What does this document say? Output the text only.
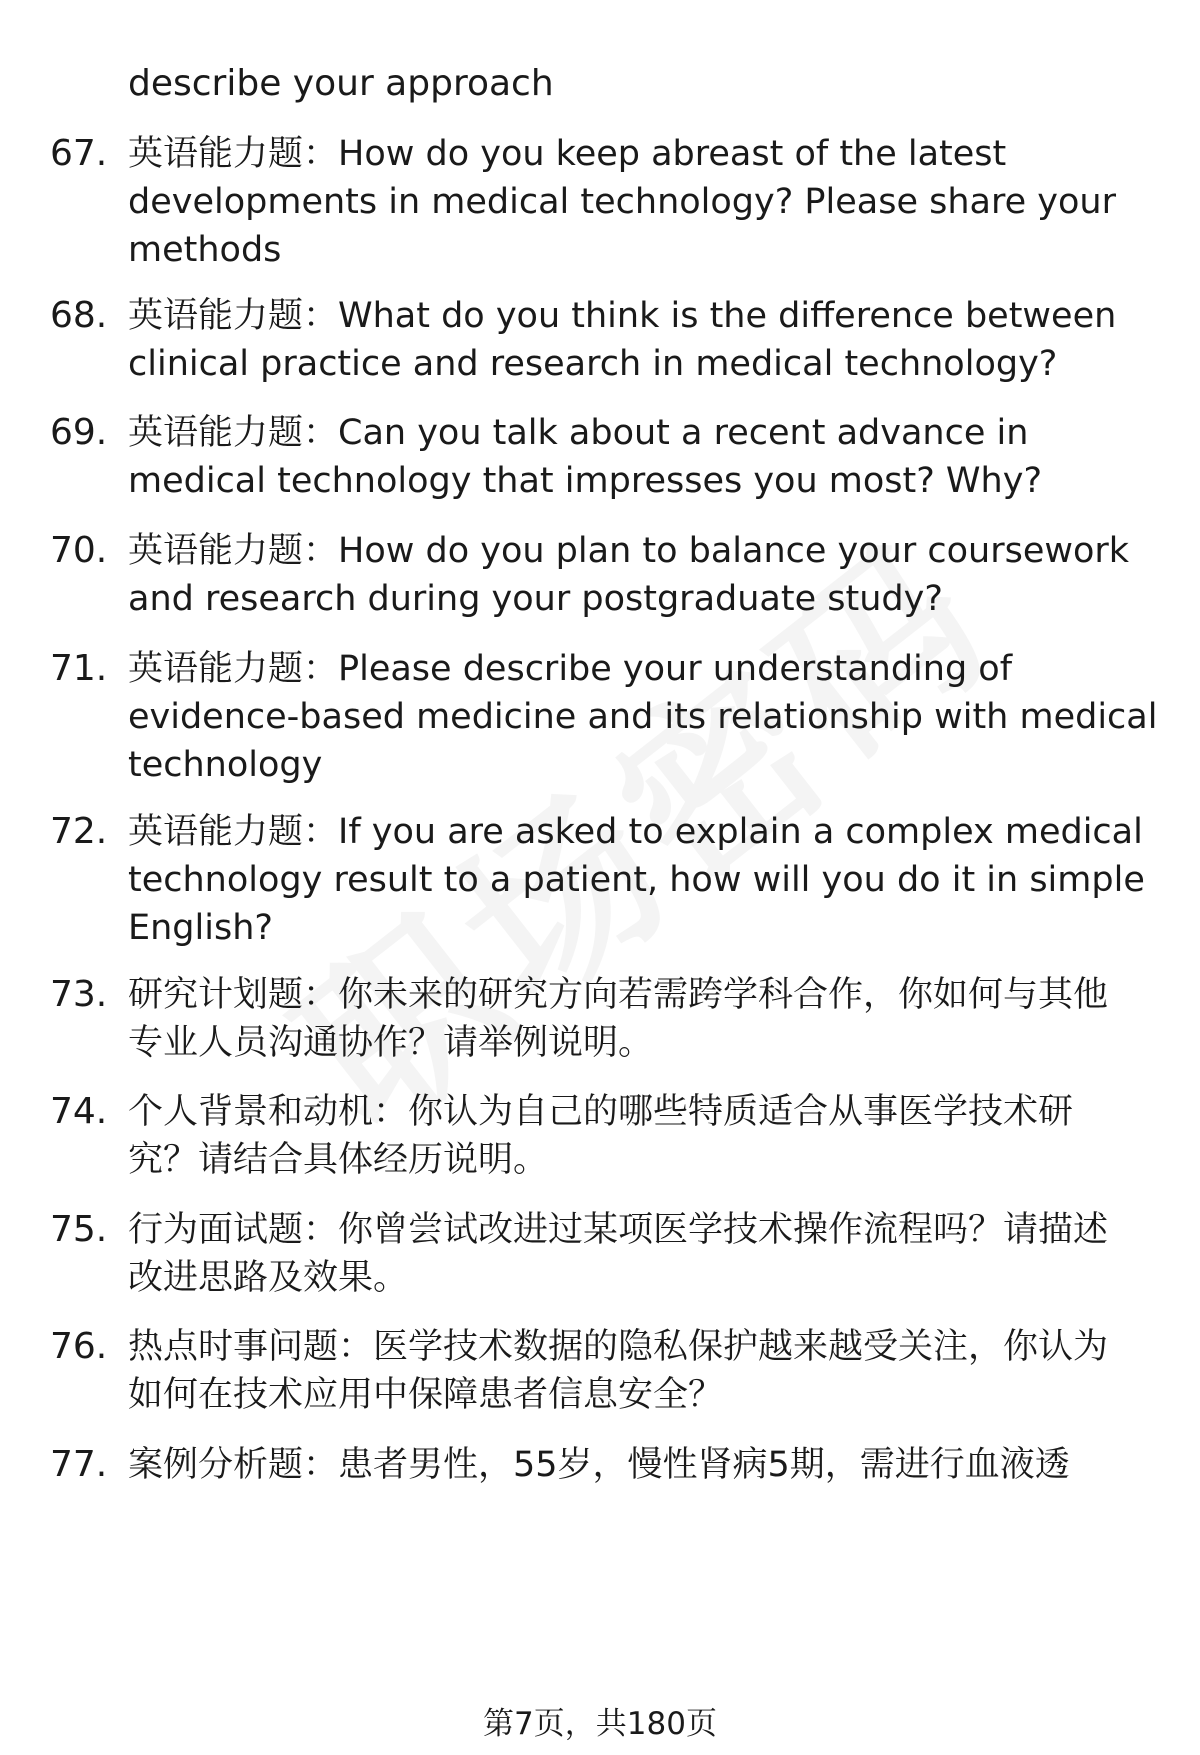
describe your approach
67. 英语能力题：How do you keep abreast of the latest developments in medical technology? Please share your methods
68. 英语能力题：What do you think is the difference between clinical practice and research in medical technology?
69. 英语能力题：Can you talk about a recent advance in medical technology that impresses you most? Why?
70. 英语能力题：How do you plan to balance your coursework and research during your postgraduate study?
71. 英语能力题：Please describe your understanding of evidence-based medicine and its relationship with medical technology
72. 英语能力题：If you are asked to explain a complex medical technology result to a patient, how will you do it in simple English?
73. 研究计划题：你未来的研究方向若需跨学科合作，你如何与其他专业人员沟通协作？请举例说明。
74. 个人背景和动机：你认为自己的哪些特质适合从事医学技术研究？请结合具体经历说明。
75. 行为面试题：你曾尝试改进过某项医学技术操作流程吗？请描述改进思路及效果。
76. 热点时事问题：医学技术数据的隐私保护越来越受关注，你认为如何在技术应用中保障患者信息安全？
77. 案例分析题：患者男性，55岁，慢性肾病5期，需进行血液透
第7页，共180页
